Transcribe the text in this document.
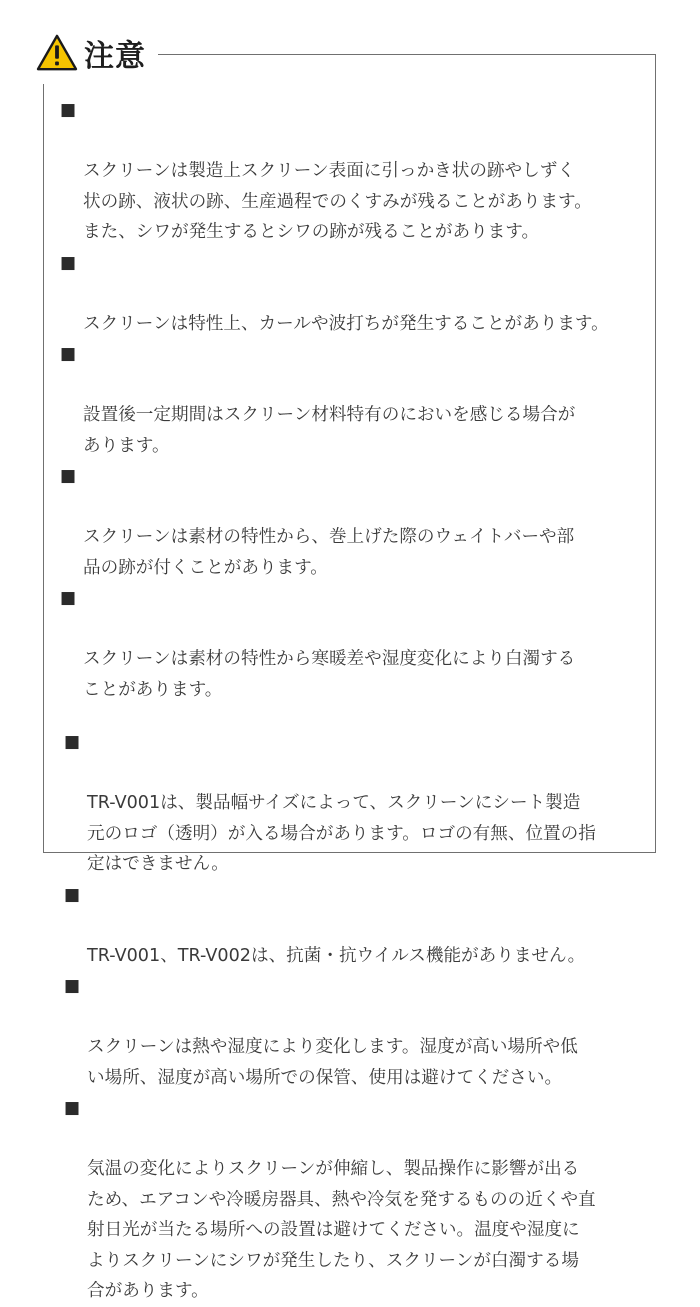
注意

■

スクリーンは製造上スクリーン表面に引っかき状の跡やしずく
状の跡、液状の跡、生産過程でのくすみが残ることがあります。
また、シワが発生するとシワの跡が残ることがあります。

■

スクリーンは特性上、カールや波打ちが発生することがあります。

■

設置後一定期間はスクリーン材料特有のにおいを感じる場合が
あります。

■

スクリーンは素材の特性から、巻上げた際のウェイトバーや部
品の跡が付くことがあります。

■

スクリーンは素材の特性から寒暖差や湿度変化により白濁する
ことがあります。

■

TR-V001は、製品幅サイズによって、スクリーンにシート製造
元のロゴ（透明）が入る場合があります。ロゴの有無、位置の指
定はできません。

■

TR-V001、TR-V002は、抗菌・抗ウイルス機能がありません。

■

スクリーンは熱や湿度により変化します。湿度が高い場所や低
い場所、湿度が高い場所での保管、使用は避けてください。

■

気温の変化によりスクリーンが伸縮し、製品操作に影響が出る
ため、エアコンや冷暖房器具、熱や冷気を発するものの近くや直
射日光が当たる場所への設置は避けてください。温度や湿度に
よりスクリーンにシワが発生したり、スクリーンが白濁する場
合があります。
